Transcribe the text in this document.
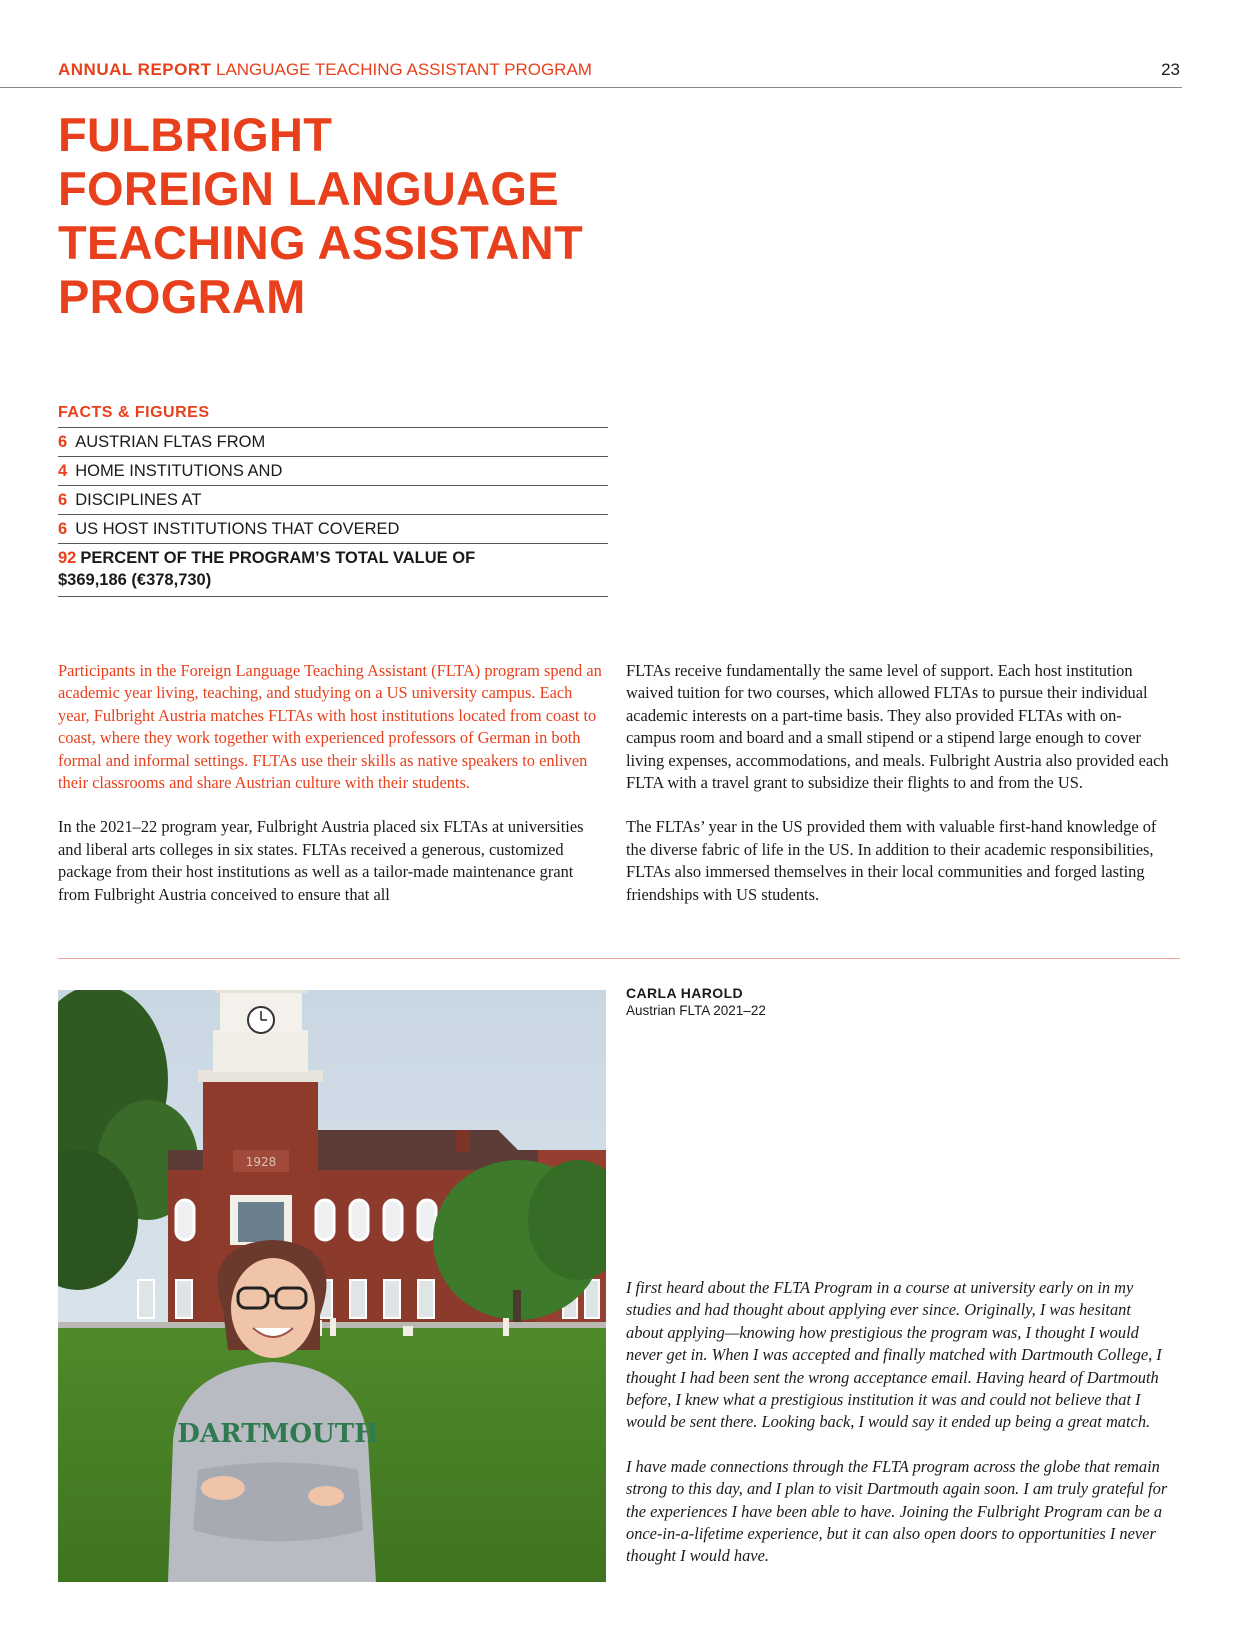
ANNUAL REPORT LANGUAGE TEACHING ASSISTANT PROGRAM	23
FULBRIGHT
FOREIGN LANGUAGE
TEACHING ASSISTANT
PROGRAM
FACTS & FIGURES
6 AUSTRIAN FLTAS FROM
4 HOME INSTITUTIONS AND
6 DISCIPLINES AT
6 US HOST INSTITUTIONS THAT COVERED
92 PERCENT OF THE PROGRAM’S TOTAL VALUE OF
$369,186 (€378,730)

Participants in the Foreign Language Teaching Assistant (FLTA) program spend an academic year living, teaching, and studying on a US university campus. Each year, Fulbright Austria matches FLTAs with host institutions located from coast to coast, where they work together with experienced professors of German in both formal and informal settings. FLTAs use their skills as native speakers to enliven their classrooms and share Austrian culture with their students.

In the 2021–22 program year, Fulbright Austria placed six FLTAs at universities and liberal arts colleges in six states. FLTAs received a generous, customized package from their host institutions as well as a tailor-made maintenance grant from Fulbright Austria conceived to ensure that all

FLTAs receive fundamentally the same level of support. Each host institution waived tuition for two courses, which allowed FLTAs to pursue their individual academic interests on a part-time basis. They also provided FLTAs with on-campus room and board and a small stipend or a stipend large enough to cover living expenses, accommodations, and meals. Fulbright Austria also provided each FLTA with a travel grant to subsidize their flights to and from the US.

The FLTAs’ year in the US provided them with valuable first-hand knowledge of the diverse fabric of life in the US. In addition to their academic responsibilities, FLTAs also immersed themselves in their local communities and forged lasting friendships with US students.

1928
DARTMOUTH
CARLA HAROLD
Austrian FLTA 2021–22

I first heard about the FLTA Program in a course at university early on in my studies and had thought about applying ever since. Originally, I was hesitant about applying—knowing how prestigious the program was, I thought I would never get in. When I was accepted and finally matched with Dartmouth College, I thought I had been sent the wrong acceptance email. Having heard of Dartmouth before, I knew what a prestigious institution it was and could not believe that I would be sent there. Looking back, I would say it ended up being a great match.

I have made connections through the FLTA program across the globe that remain strong to this day, and I plan to visit Dartmouth again soon. I am truly grateful for the experiences I have been able to have. Joining the Fulbright Program can be a once-in-a-lifetime experience, but it can also open doors to opportunities I never thought I would have.
